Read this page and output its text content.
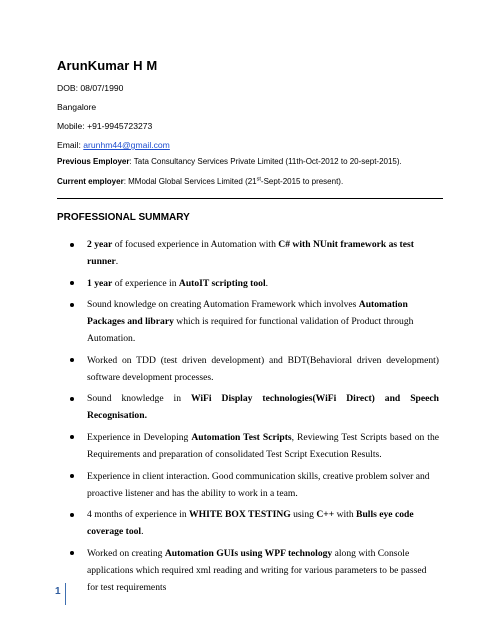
ArunKumar H M
DOB: 08/07/1990
Bangalore
Mobile: +91-9945723273
Email: arunhm44@gmail.com
Previous Employer: Tata Consultancy Services Private Limited (11th-Oct-2012 to 20-sept-2015).
Current employer: MModal Global Services Limited (21st-Sept-2015 to present).
PROFESSIONAL SUMMARY
2 year of focused experience in Automation with C# with NUnit framework as test runner.
1 year of experience in AutoIT scripting tool.
Sound knowledge on creating Automation Framework which involves Automation Packages and library which is required for functional validation of Product through Automation.
Worked on TDD (test driven development) and BDT(Behavioral driven development) software development processes.
Sound knowledge in WiFi Display technologies(WiFi Direct) and Speech Recognisation.
Experience in Developing Automation Test Scripts, Reviewing Test Scripts based on the Requirements and preparation of consolidated Test Script Execution Results.
Experience in client interaction. Good communication skills, creative problem solver and proactive listener and has the ability to work in a team.
4 months of experience in WHITE BOX TESTING using C++ with Bulls eye code coverage tool.
Worked on creating Automation GUIs using WPF technology along with Console applications which required xml reading and writing for various parameters to be passed for test requirements
1
